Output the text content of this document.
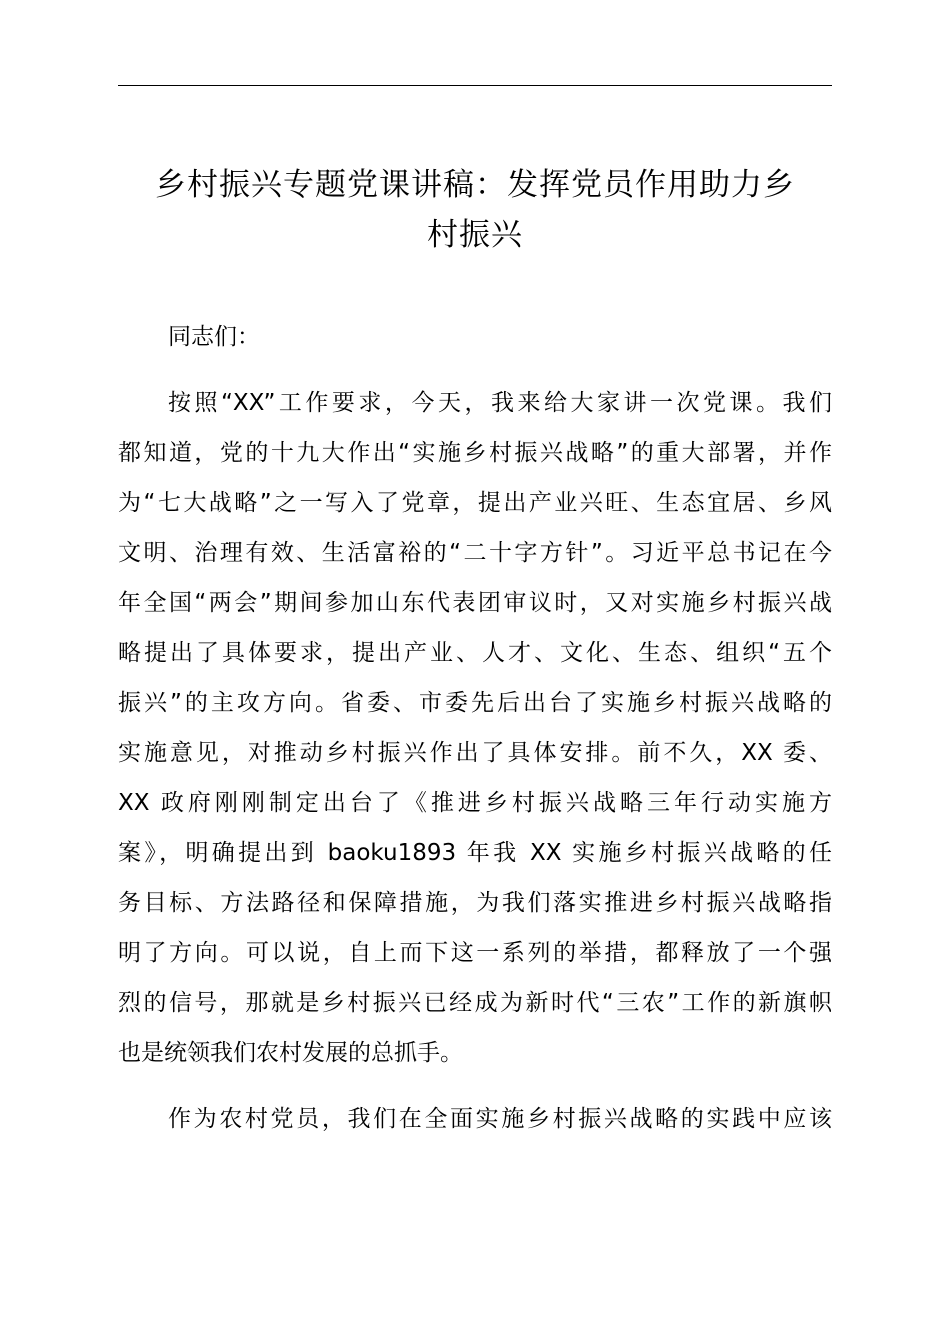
乡村振兴专题党课讲稿：发挥党员作用助力乡
村振兴

同志们：

按照“XX”工作要求，今天，我来给大家讲一次党课。我们
都知道，党的十九大作出“实施乡村振兴战略”的重大部署，并作
为“七大战略”之一写入了党章，提出产业兴旺、生态宜居、乡风
文明、治理有效、生活富裕的“二十字方针”。习近平总书记在今
年全国“两会”期间参加山东代表团审议时，又对实施乡村振兴战
略提出了具体要求，提出产业、人才、文化、生态、组织“五个
振兴”的主攻方向。省委、市委先后出台了实施乡村振兴战略的
实施意见，对推动乡村振兴作出了具体安排。前不久，XX 委、
XX 政府刚刚制定出台了《推进乡村振兴战略三年行动实施方
案》，明确提出到 baoku1893 年我 XX 实施乡村振兴战略的任
务目标、方法路径和保障措施，为我们落实推进乡村振兴战略指
明了方向。可以说，自上而下这一系列的举措，都释放了一个强
烈的信号，那就是乡村振兴已经成为新时代“三农”工作的新旗帜
也是统领我们农村发展的总抓手。

作为农村党员，我们在全面实施乡村振兴战略的实践中应该
